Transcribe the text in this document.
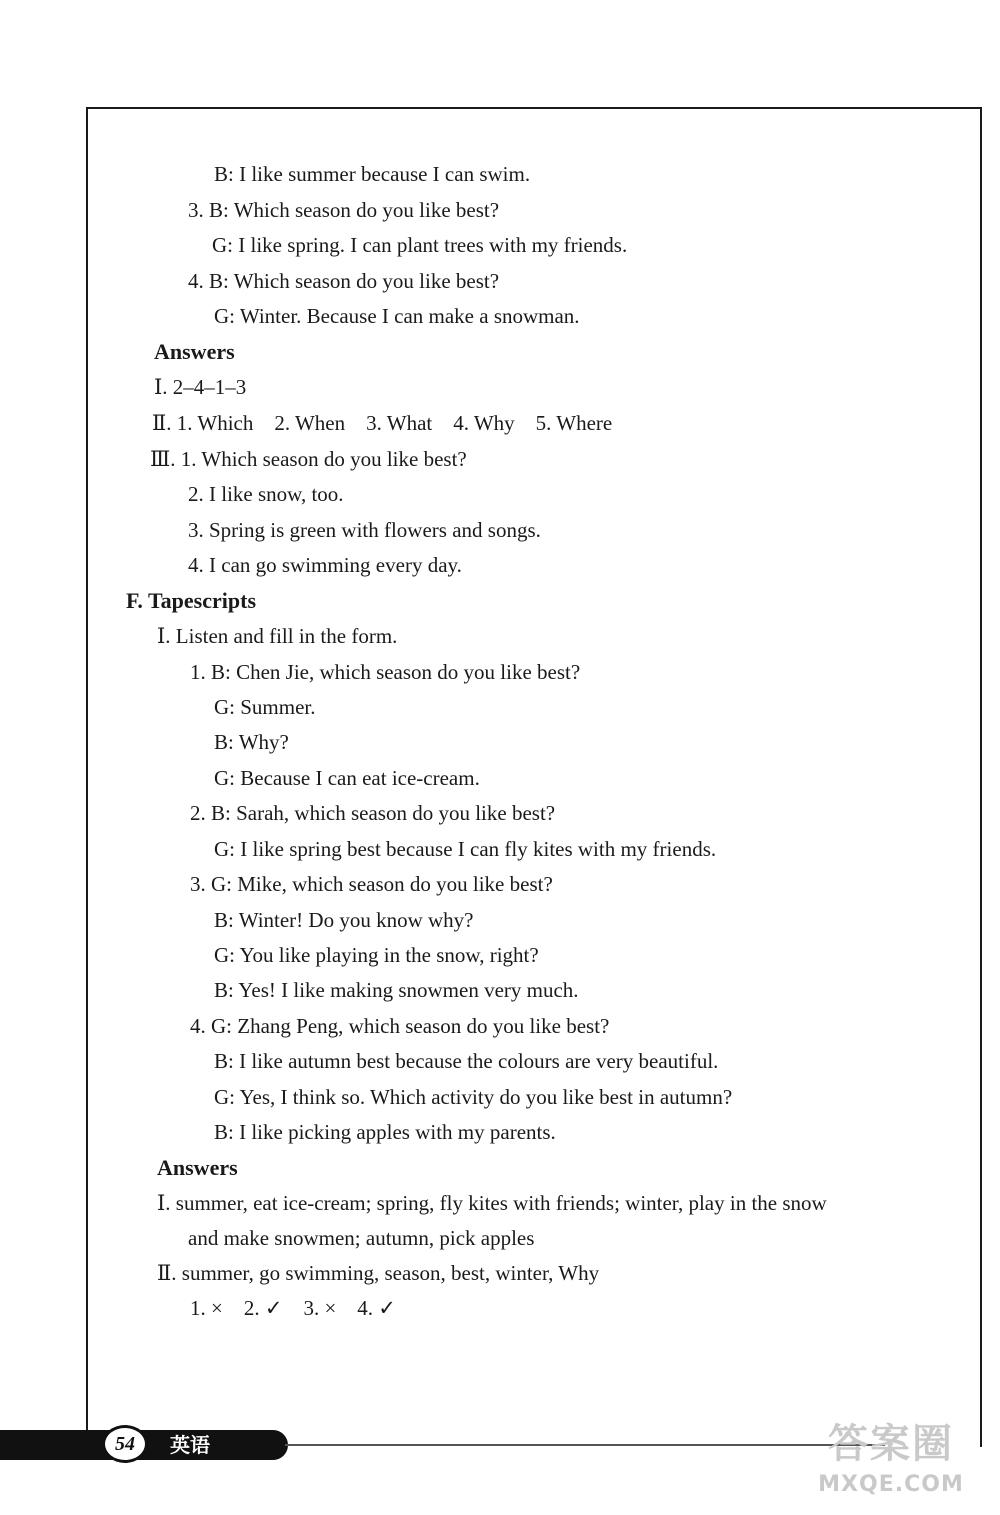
B: I like summer because I can swim.
3. B: Which season do you like best?
G: I like spring. I can plant trees with my friends.
4. B: Which season do you like best?
G: Winter. Because I can make a snowman.
Answers
Ⅰ. 2–4–1–3
Ⅱ. 1. Which    2. When    3. What    4. Why    5. Where
Ⅲ. 1. Which season do you like best?
2. I like snow, too.
3. Spring is green with flowers and songs.
4. I can go swimming every day.
F. Tapescripts
Ⅰ. Listen and fill in the form.
1. B: Chen Jie, which season do you like best?
G: Summer.
B: Why?
G: Because I can eat ice-cream.
2. B: Sarah, which season do you like best?
G: I like spring best because I can fly kites with my friends.
3. G: Mike, which season do you like best?
B: Winter! Do you know why?
G: You like playing in the snow, right?
B: Yes! I like making snowmen very much.
4. G: Zhang Peng, which season do you like best?
B: I like autumn best because the colours are very beautiful.
G: Yes, I think so. Which activity do you like best in autumn?
B: I like picking apples with my parents.
Answers
Ⅰ. summer, eat ice-cream; spring, fly kites with friends; winter, play in the snow
and make snowmen; autumn, pick apples
Ⅱ. summer, go swimming, season, best, winter, Why
1. ×    2. ✓    3. ×    4. ✓
54	英语	答案圈
MXQE.COM
